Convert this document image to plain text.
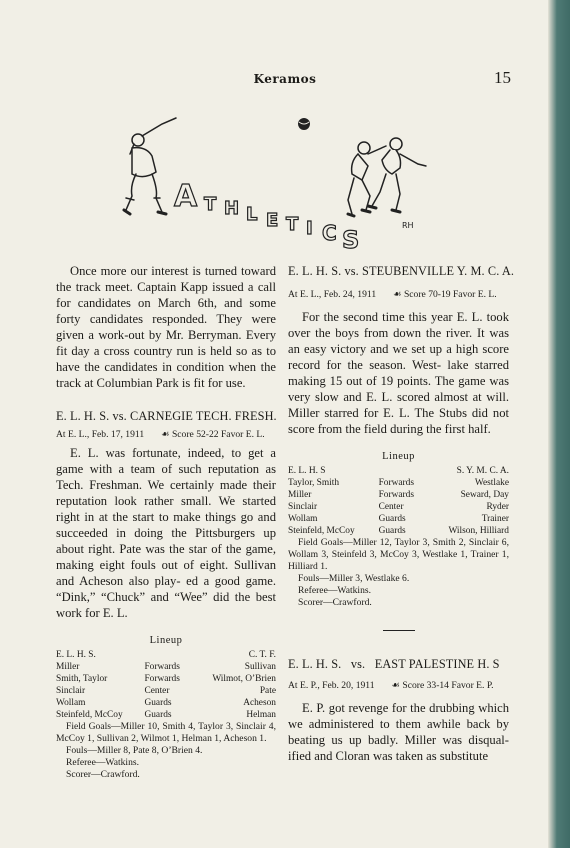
Keramos	15
A T H L E T I C S
RH

Once more our interest is turned toward the track meet. Captain Kapp issued a call for candidates on March 6th, and some forty candidates responded. They were given a work-out by Mr. Berryman. Every fit day a cross country run is held so as to have the candidates in condition when the track at Columbian Park is fit for use.

E. L. H. S. vs. CARNEGIE TECH. FRESH.
At E. L., Feb. 17, 1911 ☙ Score 52-22 Favor E. L.

E. L. was fortunate, indeed, to get a game with a team of such reputation as Tech. Freshman. We certainly made their reputation look rather small. We started right in at the start to make things go and succeeded in doing the Pittsburgers up about right. Pate was the star of the game, making eight fouls out of eight. Sullivan and Acheson also play- ed a good game. “Dink,” “Chuck” and “Wee” did the best work for E. L.

Lineup
E. L. H. S.		C. T. F.
Miller	Forwards	Sullivan
Smith, Taylor	Forwards	Wilmot, O’Brien
Sinclair	Center	Pate
Wollam	Guards	Acheson
Steinfeld, McCoy	Guards	Helman

Field Goals—Miller 10, Smith 4, Taylor 3, Sinclair 4, McCoy 1, Sullivan 2, Wilmot 1, Helman 1, Acheson 1.

Fouls—Miller 8, Pate 8, O’Brien 4.

Referee—Watkins.

Scorer—Crawford.

E. L. H. S. vs. STEUBENVILLE Y. M. C. A.
At E. L., Feb. 24, 1911 ☙ Score 70-19 Favor E. L.

For the second time this year E. L. took over the boys from down the river. It was an easy victory and we set up a high score record for the season. West- lake starred making 15 out of 19 points. The game was very slow and E. L. scored almost at will. Miller starred for E. L. The Stubs did not score from the field during the first half.

Lineup
E. L. H. S		S. Y. M. C. A.
Taylor, Smith	Forwards	Westlake
Miller	Forwards	Seward, Day
Sinclair	Center	Ryder
Wollam	Guards	Trainer
Steinfeld, McCoy	Guards	Wilson, Hilliard

Field Goals—Miller 12, Taylor 3, Smith 2, Sinclair 6, Wollam 3, Steinfeld 3, McCoy 3, Westlake 1, Trainer 1, Hilliard 1.

Fouls—Miller 3, Westlake 6.

Referee—Watkins.

Scorer—Crawford.

E. L. H. S.   vs.   EAST PALESTINE H. S
At E. P., Feb. 20, 1911 ☙ Score 33-14 Favor E. P.

E. P. got revenge for the drubbing which we administered to them awhile back by beating us up badly. Miller was disqual- ified and Cloran was taken as substitute
